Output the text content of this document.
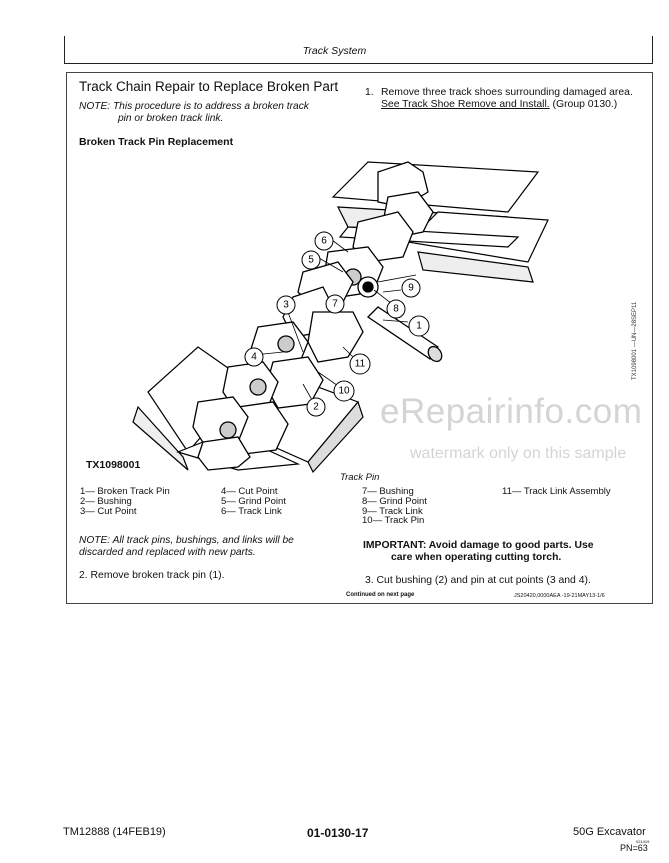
Track System
Track Chain Repair to Replace Broken Part
NOTE: This procedure is to address a broken track
pin or broken track link.
Broken Track Pin Replacement
1. Remove three track shoes surrounding damaged area.
See Track Shoe Remove and Install. (Group 0130.)
1
2
3
4
5
6
7	8
9
10
11	TX1098001 —UN—28SEP11
TX1098001
Track Pin
eRepairinfo.com
watermark only on this sample
1— Broken Track Pin
2— Bushing
3— Cut Point
4— Cut Point
5— Grind Point
6— Track Link
7— Bushing
8— Grind Point
9— Track Link
10— Track Pin
11— Track Link Assembly
NOTE: All track pins, bushings, and links will be
discarded and replaced with new parts.
2. Remove broken track pin (1).
IMPORTANT: Avoid damage to good parts. Use
care when operating cutting torch.
3. Cut bushing (2) and pin at cut points (3 and 4).
Continued on next page	JS20420,0000AEA -19-21MAY13-1/6
TM12888 (14FEB19)	01-0130-17	50G Excavator
021419
PN=63
